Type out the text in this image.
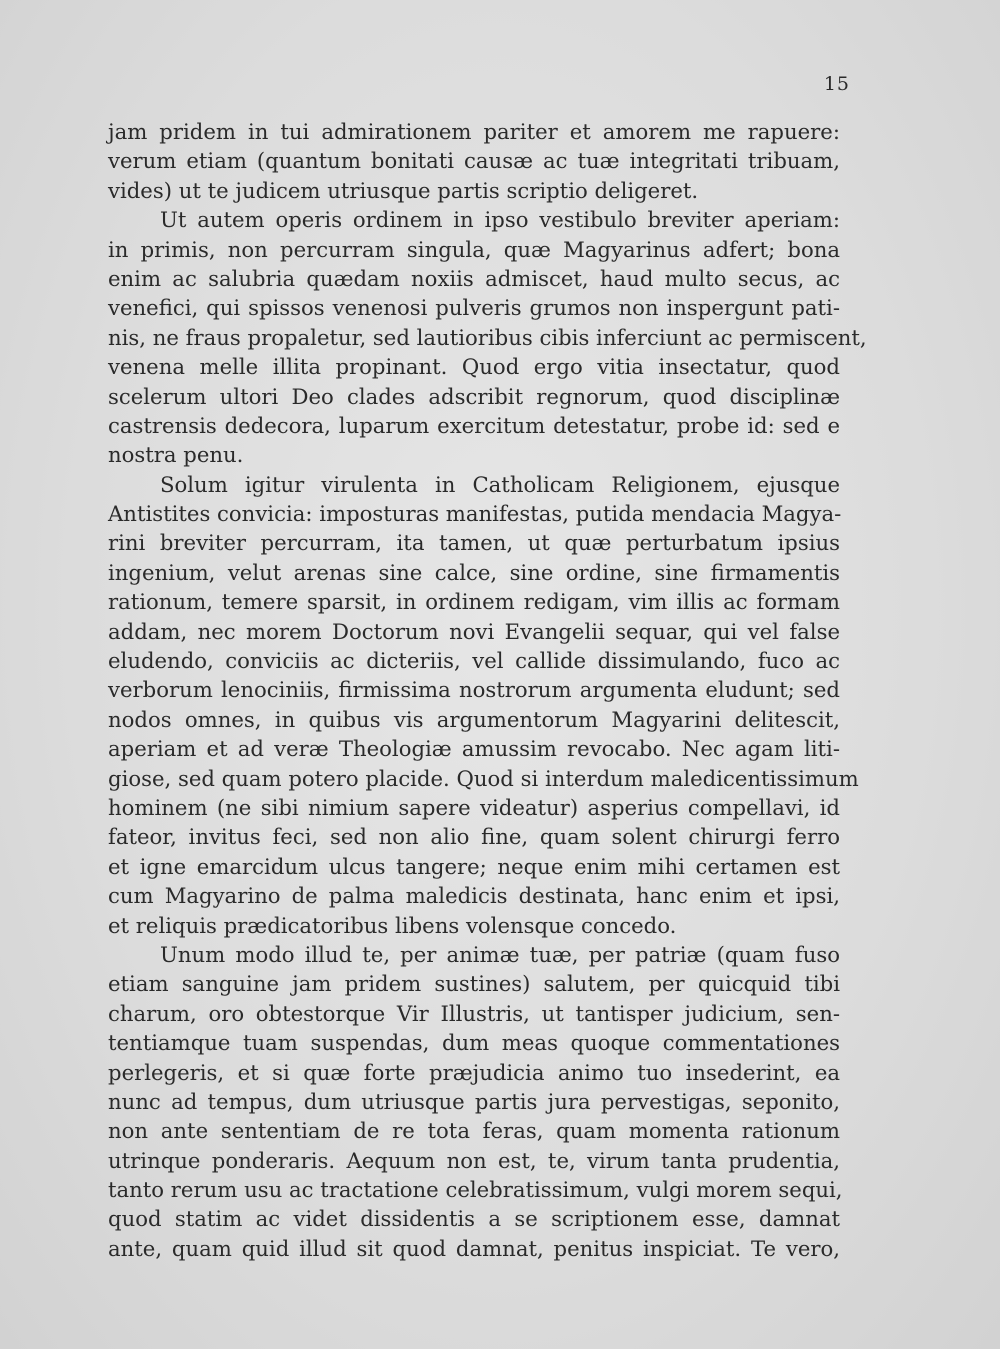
15
jam pridem in tui admirationem pariter et amorem me rapuere:
verum etiam (quantum bonitati causæ ac tuæ integritati tribuam,
vides) ut te judicem utriusque partis scriptio deligeret.
Ut autem operis ordinem in ipso vestibulo breviter aperiam:
in primis, non percurram singula, quæ Magyarinus adfert; bona
enim ac salubria quædam noxiis admiscet, haud multo secus, ac
venefici, qui spissos venenosi pulveris grumos non inspergunt pati-
nis, ne fraus propaletur, sed lautioribus cibis inferciunt ac permiscent,
venena melle illita propinant. Quod ergo vitia insectatur, quod
scelerum ultori Deo clades adscribit regnorum, quod disciplinæ
castrensis dedecora, luparum exercitum detestatur, probe id: sed e
nostra penu.
Solum igitur virulenta in Catholicam Religionem, ejusque
Antistites convicia: imposturas manifestas, putida mendacia Magya-
rini breviter percurram, ita tamen, ut quæ perturbatum ipsius
ingenium, velut arenas sine calce, sine ordine, sine firmamentis
rationum, temere sparsit, in ordinem redigam, vim illis ac formam
addam, nec morem Doctorum novi Evangelii sequar, qui vel false
eludendo, conviciis ac dicteriis, vel callide dissimulando, fuco ac
verborum lenociniis, firmissima nostrorum argumenta eludunt; sed
nodos omnes, in quibus vis argumentorum Magyarini delitescit,
aperiam et ad veræ Theologiæ amussim revocabo. Nec agam liti-
giose, sed quam potero placide. Quod si interdum maledicentissimum
hominem (ne sibi nimium sapere videatur) asperius compellavi, id
fateor, invitus feci, sed non alio fine, quam solent chirurgi ferro
et igne emarcidum ulcus tangere; neque enim mihi certamen est
cum Magyarino de palma maledicis destinata, hanc enim et ipsi,
et reliquis prædicatoribus libens volensque concedo.
Unum modo illud te, per animæ tuæ, per patriæ (quam fuso
etiam sanguine jam pridem sustines) salutem, per quicquid tibi
charum, oro obtestorque Vir Illustris, ut tantisper judicium, sen-
tentiamque tuam suspendas, dum meas quoque commentationes
perlegeris, et si quæ forte præjudicia animo tuo insederint, ea
nunc ad tempus, dum utriusque partis jura pervestigas, seponito,
non ante sententiam de re tota feras, quam momenta rationum
utrinque ponderaris. Aequum non est, te, virum tanta prudentia,
tanto rerum usu ac tractatione celebratissimum, vulgi morem sequi,
quod statim ac videt dissidentis a se scriptionem esse, damnat
ante, quam quid illud sit quod damnat, penitus inspiciat. Te vero,
